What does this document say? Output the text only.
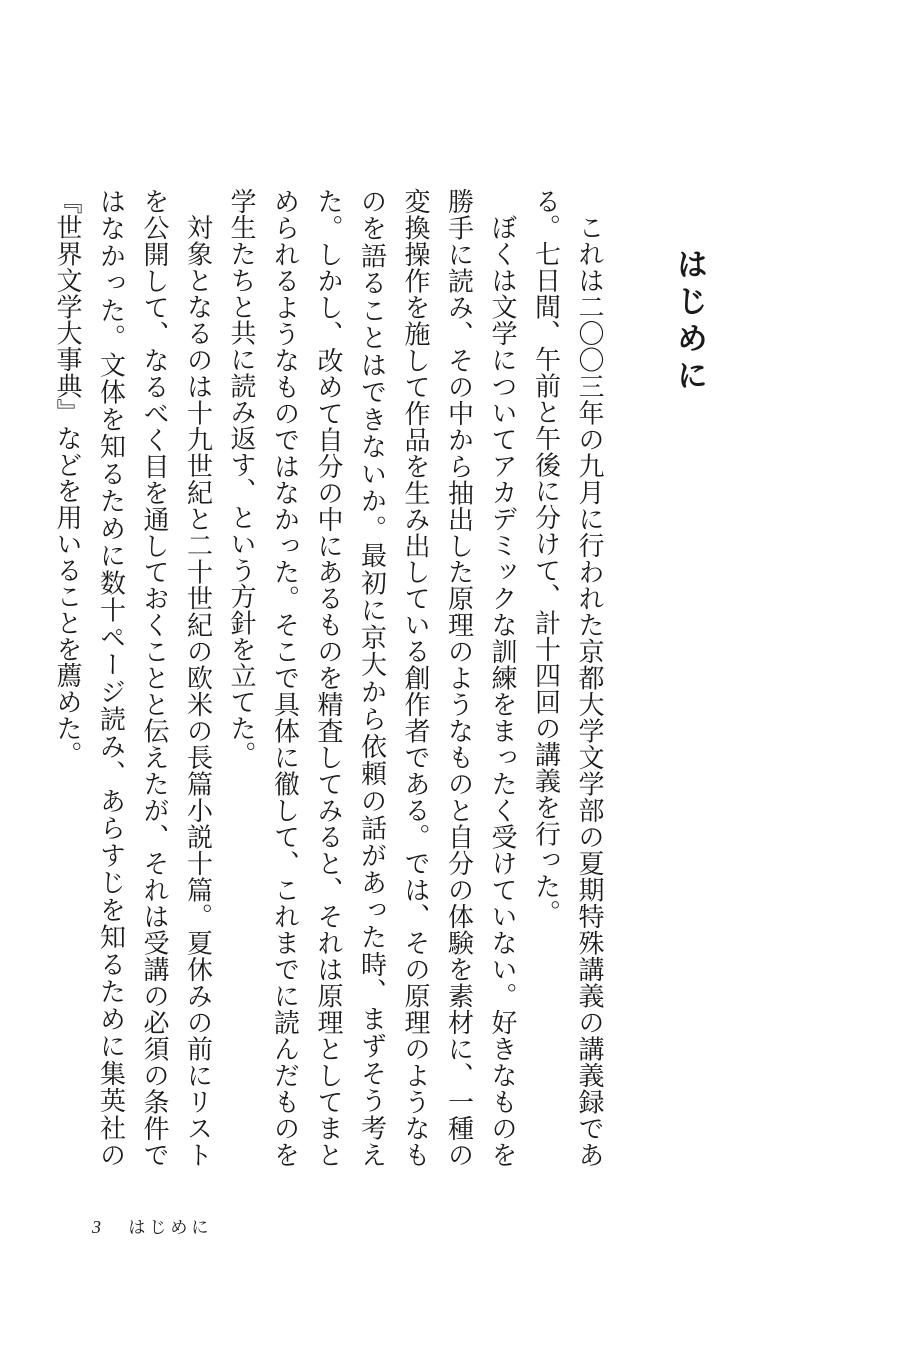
はじめに

これは二〇〇三年の九月に行われた京都大学文学部の夏期特殊講義の講義録である。七日間、午前と午後に分けて、計十四回の講義を行った。

ぼくは文学についてアカデミックな訓練をまったく受けていない。好きなものを勝手に読み、その中から抽出した原理のようなものと自分の体験を素材に、一種の変換操作を施して作品を生み出している創作者である。では、その原理のようなものを語ることはできないか。最初に京大から依頼の話があった時、まずそう考えた。しかし、改めて自分の中にあるものを精査してみると、それは原理としてまとめられるようなものではなかった。そこで具体に徹して、これまでに読んだものを学生たちと共に読み返す、という方針を立てた。

対象となるのは十九世紀と二十世紀の欧米の長篇小説十篇。夏休みの前にリストを公開して、なるべく目を通しておくことと伝えたが、それは受講の必須の条件ではなかった。文体を知るために数十ページ読み、あらすじを知るために集英社の『世界文学大事典』などを用いることを薦めた。

3 はじめに
